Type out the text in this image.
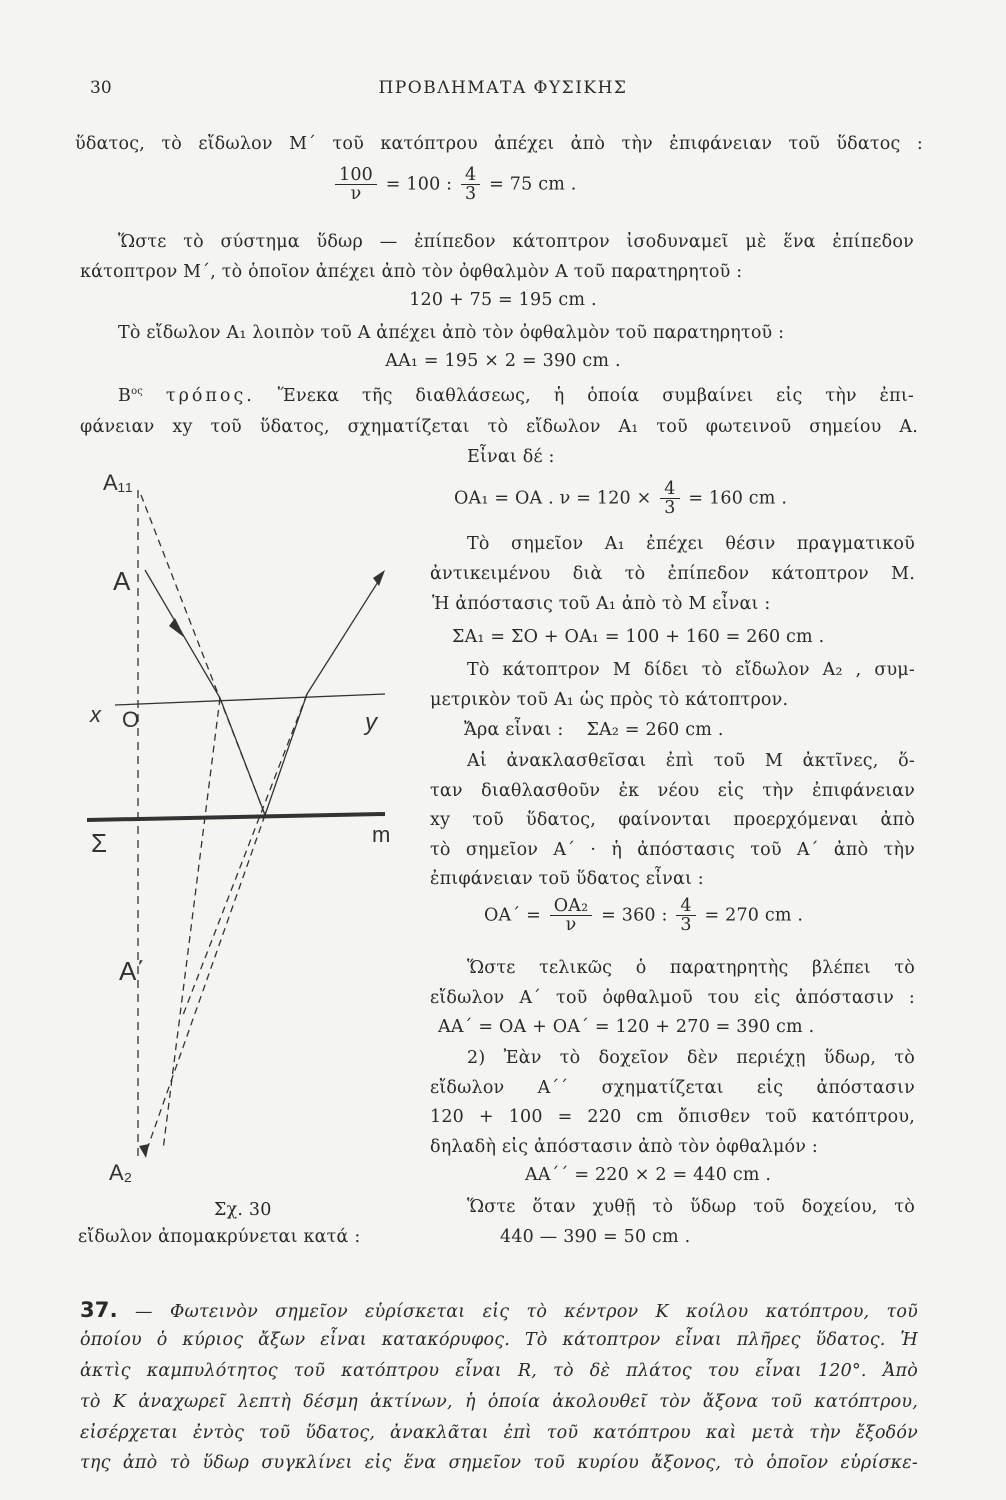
30	ΠΡΟΒΛΗΜΑΤΑ ΦΥΣΙΚΗΣ
ὕδατος, τὸ εἴδωλον Μ΄ τοῦ κατόπτρου ἀπέχει ἀπὸ τὴν ἐπιφάνειαν τοῦ ὕδατος :
$\frac{100}{\nu} = 100$ : $\frac{4}{3} = 75$ cm .
Ὥστε τὸ σύστημα ὕδωρ — ἐπίπεδον κάτοπτρον ἰσοδυναμεῖ μὲ ἕνα ἐπίπεδον
κάτοπτρον Μ΄, τὸ ὁποῖον ἀπέχει ἀπὸ τὸν ὀφθαλμὸν Α τοῦ παρατηρητοῦ :
120 + 75 = 195 cm .
Τὸ εἴδωλον Α₁ λοιπὸν τοῦ Α ἀπέχει ἀπὸ τὸν ὀφθαλμὸν τοῦ παρατηρητοῦ :
ΑΑ₁ = 195 × 2 = 390 cm .
$B^{o\varsigma}$ τρόπος. Ἕνεκα τῆς διαθλάσεως, ἡ ὁποία συμβαίνει εἰς τὴν ἐπι-
φάνειαν xy τοῦ ὕδατος, σχηματίζεται τὸ εἴδωλον Α₁ τοῦ φωτεινοῦ σημείου Α.
Εἶναι δέ :
ΟΑ₁ = ΟΑ . $\nu = 120 \times \frac{4}{3} = 160$ cm .
Τὸ σημεῖον Α₁ ἐπέχει θέσιν πραγματικοῦ
ἀντικειμένου διὰ τὸ ἐπίπεδον κάτοπτρον Μ.
Ἡ ἀπόστασις τοῦ Α₁ ἀπὸ τὸ Μ εἶναι :
ΣΑ₁ = ΣΟ + ΟΑ₁ = 100 + 160 = 260 cm .
Τὸ κάτοπτρον Μ δίδει τὸ εἴδωλον Α₂ , συμ-
μετρικὸν τοῦ Α₁ ὡς πρὸς τὸ κάτοπτρον.
Ἄρα εἶναι : ΣΑ₂ = 260 cm .
Αἱ ἀνακλασθεῖσαι ἐπὶ τοῦ Μ ἀκτῖνες, ὅ-
ταν διαθλασθοῦν ἐκ νέου εἰς τὴν ἐπιφάνειαν
xy τοῦ ὕδατος, φαίνονται προερχόμεναι ἀπὸ
τὸ σημεῖον Α΄ · ἡ ἀπόστασις τοῦ Α΄ ἀπὸ τὴν
ἐπιφάνειαν τοῦ ὕδατος εἶναι :
$OA΄ = \frac{\text{ΟΑ₂}}{\nu} = 360$ : $\frac{4}{3} = 270$ cm .
Ὥστε τελικῶς ὁ παρατηρητὴς βλέπει τὸ
εἴδωλον Α΄ τοῦ ὀφθαλμοῦ του εἰς ἀπόστασιν :
ΑΑ΄ = ΟΑ + ΟΑ΄ = 120 + 270 = 390 cm .
2) Ἐὰν τὸ δοχεῖον δὲν περιέχῃ ὕδωρ, τὸ
εἴδωλον Α΄΄ σχηματίζεται εἰς ἀπόστασιν
120 + 100 = 220 cm ὄπισθεν τοῦ κατόπτρου,
δηλαδὴ εἰς ἀπόστασιν ἀπὸ τὸν ὀφθαλμόν :
ΑΑ΄΄ = 220 × 2 = 440 cm .
Ὥστε ὅταν χυθῇ τὸ ὕδωρ τοῦ δοχείου, τὸ
440 — 390 = 50 cm .
Σχ. 30
εἴδωλον ἀπομακρύνεται κατά :
Α₁₁
Α
x O	y
Σ	m
Α΄
Α₂
37. — Φωτεινὸν σημεῖον εὑρίσκεται εἰς τὸ κέντρον Κ κοίλου κατόπτρου, τοῦ
ὁποίου ὁ κύριος ἄξων εἶναι κατακόρυφος. Τὸ κάτοπτρον εἶναι πλῆρες ὕδατος. Ἡ
ἀκτὶς καμπυλότητος τοῦ κατόπτρου εἶναι R, τὸ δὲ πλάτος του εἶναι 120°. Ἀπὸ
τὸ Κ ἀναχωρεῖ λεπτὴ δέσμη ἀκτίνων, ἡ ὁποία ἀκολουθεῖ τὸν ἄξονα τοῦ κατόπτρου,
εἰσέρχεται ἐντὸς τοῦ ὕδατος, ἀνακλᾶται ἐπὶ τοῦ κατόπτρου καὶ μετὰ τὴν ἔξοδόν
της ἀπὸ τὸ ὕδωρ συγκλίνει εἰς ἕνα σημεῖον τοῦ κυρίου ἄξονος, τὸ ὁποῖον εὑρίσκε-
